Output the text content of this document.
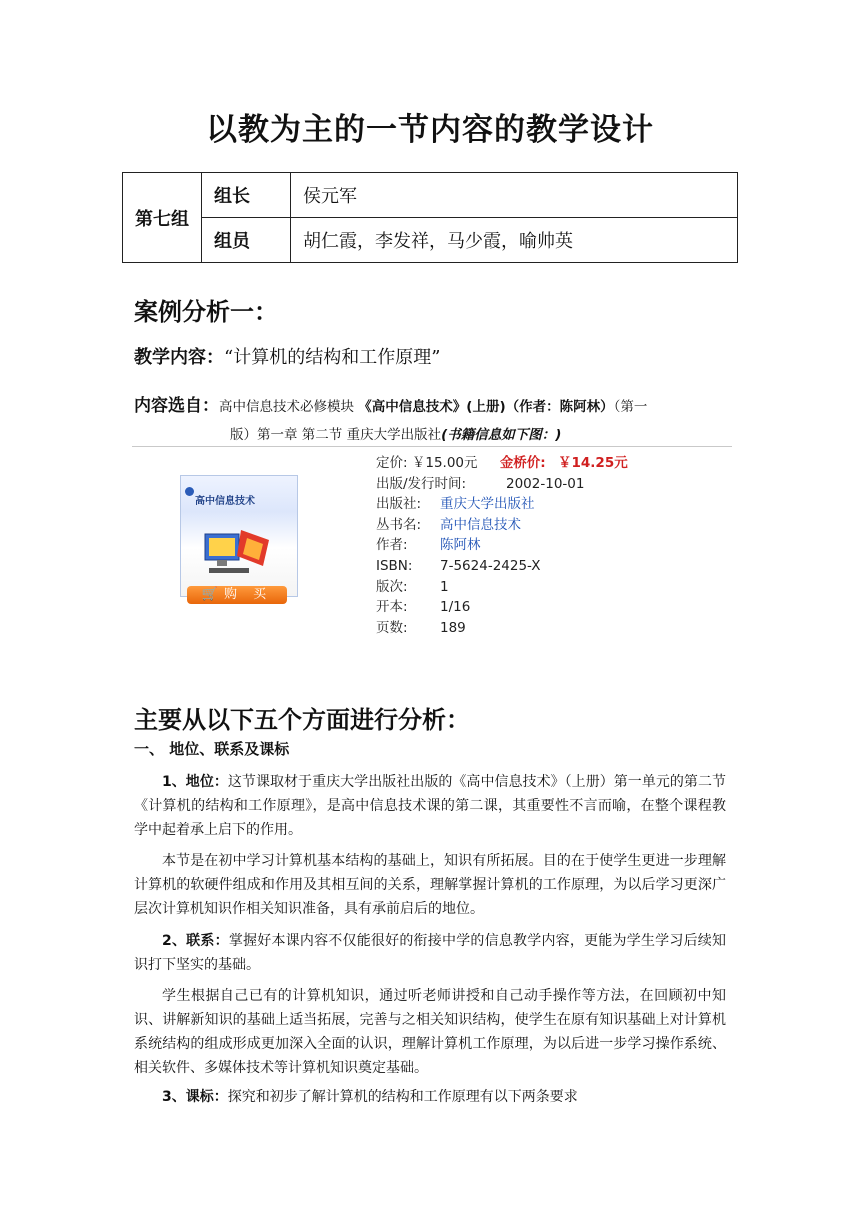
以教为主的一节内容的教学设计
第七组	组长	侯元军
	组员	胡仁霞，李发祥，马少霞，喻帅英
案例分析一：
教学内容：“计算机的结构和工作原理”
内容选自：高中信息技术必修模块 《高中信息技术》(上册)（作者：陈阿林）（第一
版）第一章 第二节 重庆大学出版社(书籍信息如下图：)
高中信息技术
🛒购 买
定价: ￥15.00元 金桥价: ￥14.25元
出版/发行时间:	2002-10-01
出版社: 重庆大学出版社
丛书名: 高中信息技术
作者: 陈阿林
ISBN: 7-5624-2425-X
版次: 1
开本: 1/16
页数: 189
主要从以下五个方面进行分析：
一、 地位、联系及课标
1、地位：这节课取材于重庆大学出版社出版的《高中信息技术》（上册）第一单元的第二节《计算机的结构和工作原理》，是高中信息技术课的第二课，其重要性不言而喻，在整个课程教学中起着承上启下的作用。
本节是在初中学习计算机基本结构的基础上，知识有所拓展。目的在于使学生更进一步理解计算机的软硬件组成和作用及其相互间的关系，理解掌握计算机的工作原理，为以后学习更深广层次计算机知识作相关知识准备，具有承前启后的地位。
2、联系：掌握好本课内容不仅能很好的衔接中学的信息教学内容，更能为学生学习后续知识打下坚实的基础。
学生根据自己已有的计算机知识，通过听老师讲授和自己动手操作等方法，在回顾初中知识、讲解新知识的基础上适当拓展，完善与之相关知识结构，使学生在原有知识基础上对计算机系统结构的组成形成更加深入全面的认识，理解计算机工作原理，为以后进一步学习操作系统、相关软件、多媒体技术等计算机知识奠定基础。
3、课标：探究和初步了解计算机的结构和工作原理有以下两条要求
